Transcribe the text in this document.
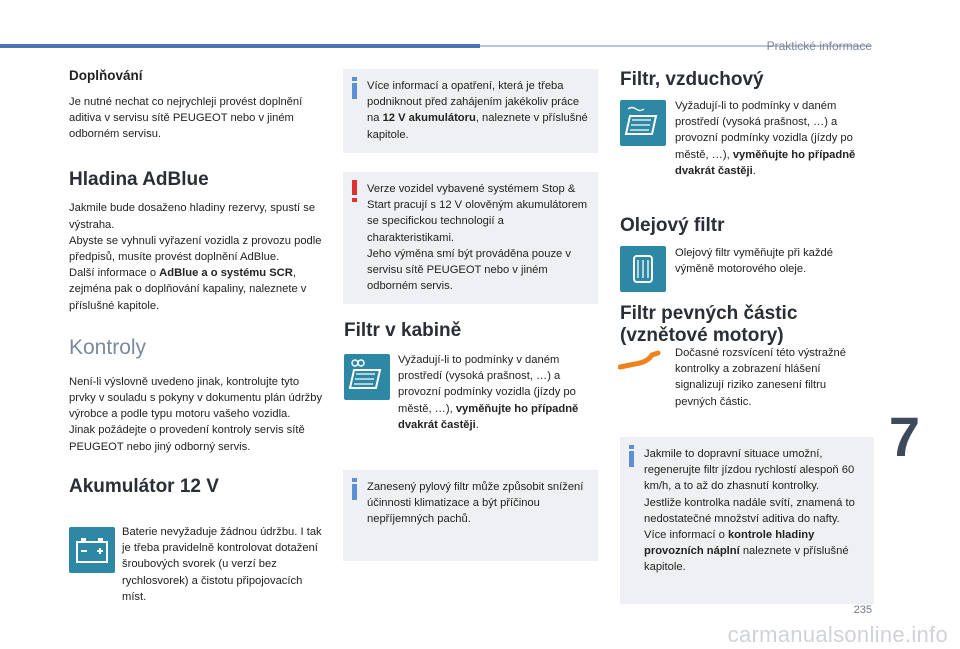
Praktické informace
7
235
carmanualsonline.info
Doplňování

Je nutné nechat co nejrychleji provést doplnění aditiva v servisu sítě PEUGEOT nebo v jiném odborném servisu.

Hladina AdBlue

Jakmile bude dosaženo hladiny rezervy, spustí se výstraha.

Abyste se vyhnuli vyřazení vozidla z provozu podle předpisů, musíte provést doplnění AdBlue.

Další informace o AdBlue a o systému SCR, zejména pak o doplňování kapaliny, naleznete v příslušné kapitole.

Kontroly

Není-li výslovně uvedeno jinak, kontrolujte tyto prvky v souladu s pokyny v dokumentu plán údržby výrobce a podle typu motoru vašeho vozidla.

Jinak požádejte o provedení kontroly servis sítě PEUGEOT nebo jiný odborný servis.

Akumulátor 12 V

Baterie nevyžaduje žádnou údržbu. I tak je třeba pravidelně kontrolovat dotažení šroubových svorek (u verzí bez rychlosvorek) a čistotu připojovacích míst.

Více informací a opatření, která je třeba podniknout před zahájením jakékoliv práce na 12 V akumulátoru, naleznete v příslušné kapitole.

Verze vozidel vybavené systémem Stop & Start pracují s 12 V olověným akumulátorem se specifickou technologií a charakteristikami.

Jeho výměna smí být prováděna pouze v servisu sítě PEUGEOT nebo v jiném odborném servis.

Filtr v kabině

Vyžadují-li to podmínky v daném prostředí (vysoká prašnost, …) a provozní podmínky vozidla (jízdy po městě, …), vyměňujte ho případně dvakrát častěji.

Zanesený pylový filtr může způsobit snížení účinnosti klimatizace a být příčinou nepříjemných pachů.

Filtr, vzduchový

Vyžadují-li to podmínky v daném prostředí (vysoká prašnost, …) a provozní podmínky vozidla (jízdy po městě, …), vyměňujte ho případně dvakrát častěji.

Olejový filtr

Olejový filtr vyměňujte při každé výměně motorového oleje.

Filtr pevných částic (vznětové motory)

Dočasné rozsvícení této výstražné kontrolky a zobrazení hlášení signalizují riziko zanesení filtru pevných částic.

Jakmile to dopravní situace umožní, regenerujte filtr jízdou rychlostí alespoň 60 km/h, a to až do zhasnutí kontrolky.

Jestliže kontrolka nadále svítí, znamená to nedostatečné množství aditiva do nafty.

Více informací o kontrole hladiny provozních náplní naleznete v příslušné kapitole.
